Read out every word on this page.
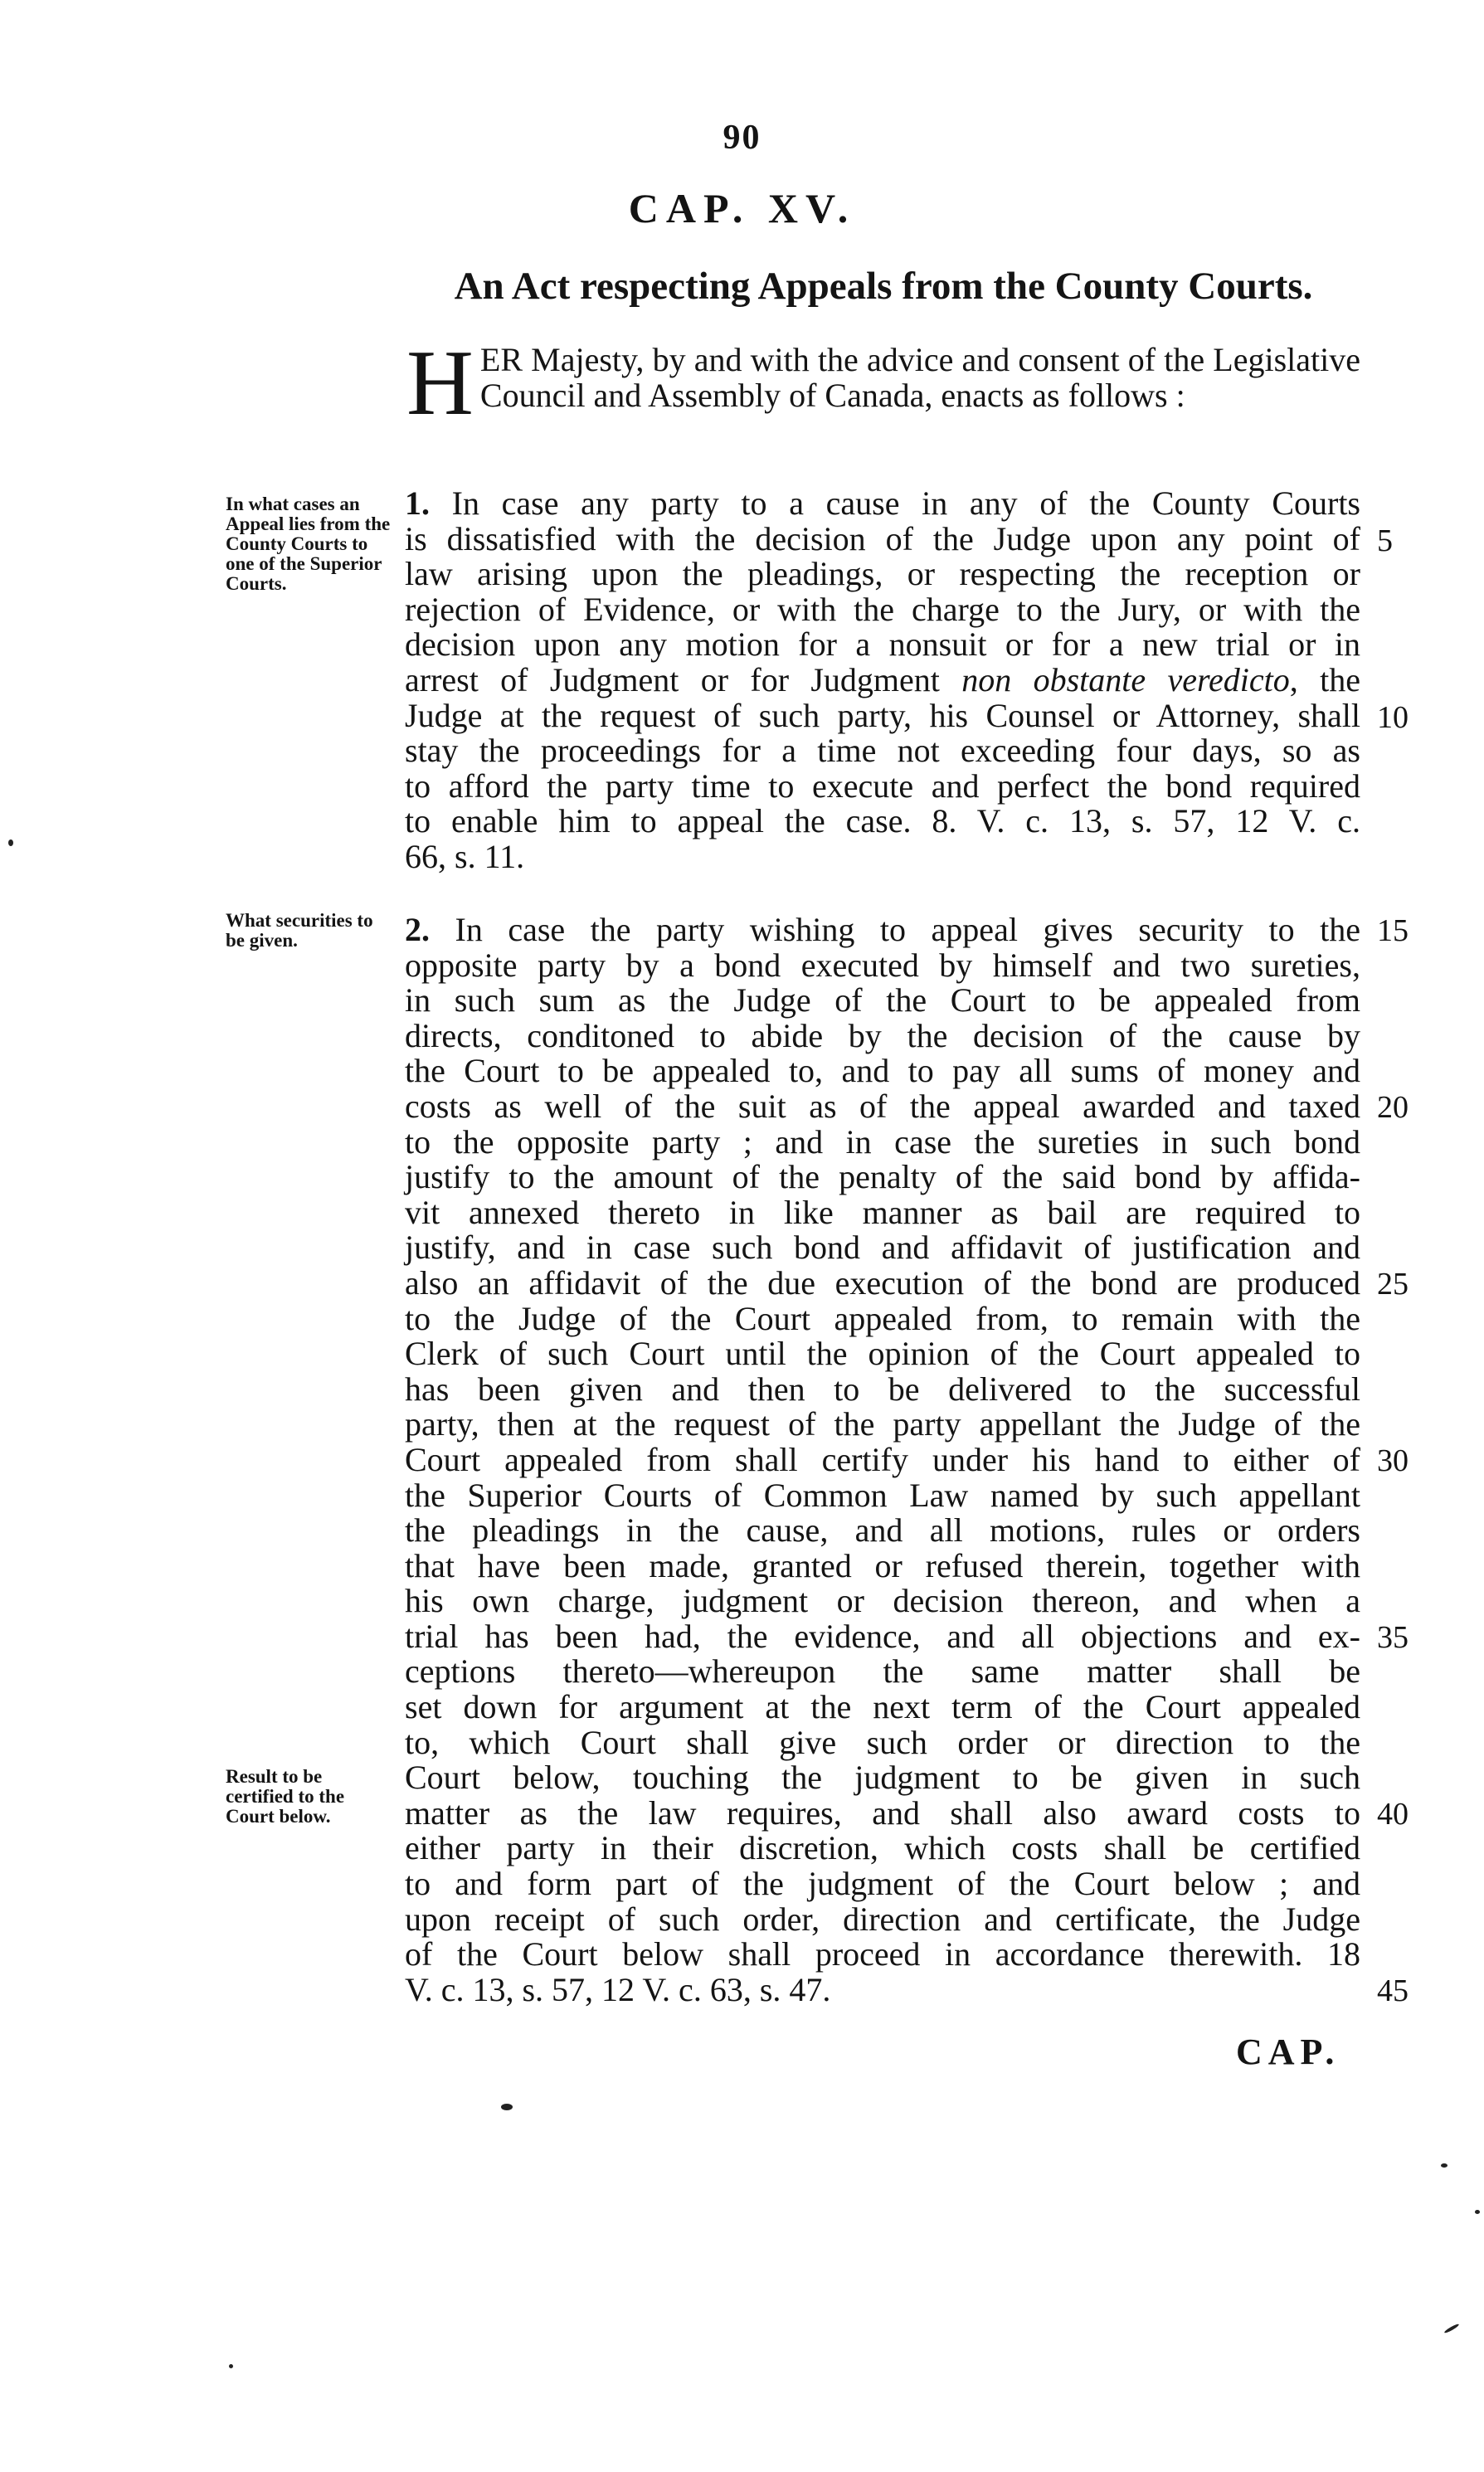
90
CAP. XV.
An Act respecting Appeals from the County Courts.
HER Majesty, by and with the advice and consent of the Legislative Council and Assembly of Canada, enacts as follows :
In what cases an Appeal lies from the County Courts to one of the Superior Courts.
1. In case any party to a cause in any of the County Courts
is dissatisfied with the decision of the Judge upon any point of
law arising upon the pleadings, or respecting the reception or
rejection of Evidence, or with the charge to the Jury, or with the
decision upon any motion for a nonsuit or for a new trial or in
arrest of Judgment or for Judgment non obstante veredicto, the
Judge at the request of such party, his Counsel or Attorney, shall
stay the proceedings for a time not exceeding four days, so as
to afford the party time to execute and perfect the bond required
to enable him to appeal the case. 8. V. c. 13, s. 57, 12 V. c.
66, s. 11.
What securities to be given.
Result to be certified to the Court below.
2. In case the party wishing to appeal gives security to the
opposite party by a bond executed by himself and two sureties,
in such sum as the Judge of the Court to be appealed from
directs, conditoned to abide by the decision of the cause by
the Court to be appealed to, and to pay all sums of money and
costs as well of the suit as of the appeal awarded and taxed
to the opposite party ; and in case the sureties in such bond
justify to the amount of the penalty of the said bond by affida-
vit annexed thereto in like manner as bail are required to
justify, and in case such bond and affidavit of justification and
also an affidavit of the due execution of the bond are produced
to the Judge of the Court appealed from, to remain with the
Clerk of such Court until the opinion of the Court appealed to
has been given and then to be delivered to the successful
party, then at the request of the party appellant the Judge of the
Court appealed from shall certify under his hand to either of
the Superior Courts of Common Law named by such appellant
the pleadings in the cause, and all motions, rules or orders
that have been made, granted or refused therein, together with
his own charge, judgment or decision thereon, and when a
trial has been had, the evidence, and all objections and ex-
ceptions thereto—whereupon the same matter shall be
set down for argument at the next term of the Court appealed
to, which Court shall give such order or direction to the
Court below, touching the judgment to be given in such
matter as the law requires, and shall also award costs to
either party in their discretion, which costs shall be certified
to and form part of the judgment of the Court below ; and
upon receipt of such order, direction and certificate, the Judge
of the Court below shall proceed in accordance therewith. 18
V. c. 13, s. 57, 12 V. c. 63, s. 47.
5
10
15
20
25
30
35
40
45
CAP.
